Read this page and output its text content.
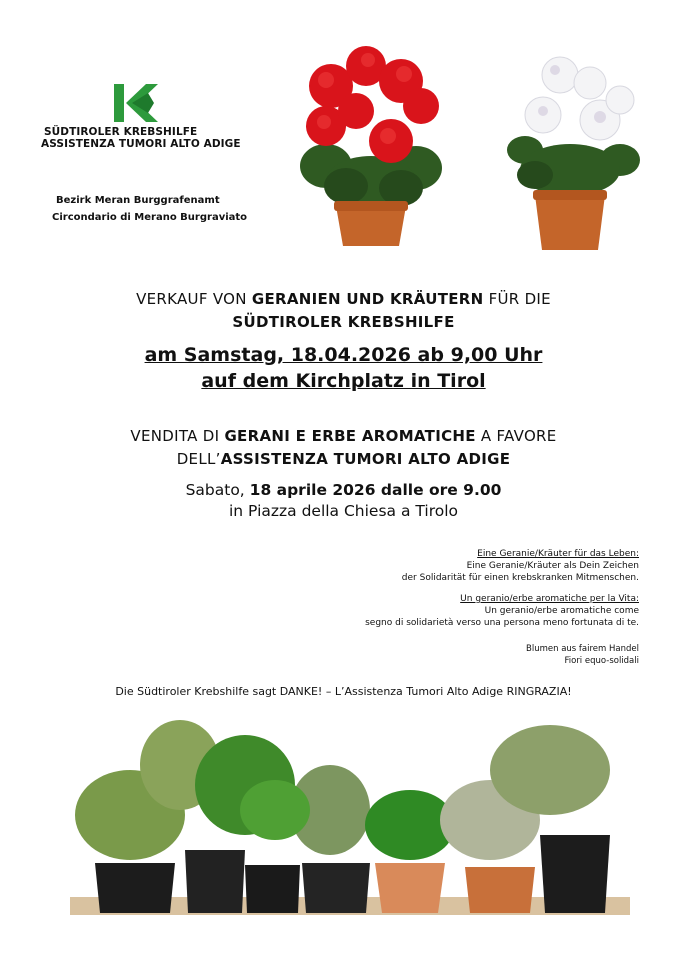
SÜDTIROLER KREBSHILFE
ASSISTENZA TUMORI ALTO ADIGE
Bezirk Meran Burggrafenamt
Circondario di Merano Burgraviato
VERKAUF VON GERANIEN UND KRÄUTERN FÜR DIE
SÜDTIROLER KREBSHILFE
am Samstag, 18.04.2026 ab 9,00 Uhr
auf dem Kirchplatz in Tirol
VENDITA DI GERANI E ERBE AROMATICHE A FAVORE
DELL’ASSISTENZA TUMORI ALTO ADIGE
Sabato, 18 aprile 2026 dalle ore 9.00
in Piazza della Chiesa a Tirolo
Eine Geranie/Kräuter für das Leben:
Eine Geranie/Kräuter als Dein Zeichen
der Solidarität für einen krebskranken Mitmenschen.
Un geranio/erbe aromatiche per la Vita:
Un geranio/erbe aromatiche come
segno di solidarietà verso una persona meno fortunata di te.
Blumen aus fairem Handel
Fiori equo-solidali
Die Südtiroler Krebshilfe sagt DANKE! – L’Assistenza Tumori Alto Adige RINGRAZIA!
